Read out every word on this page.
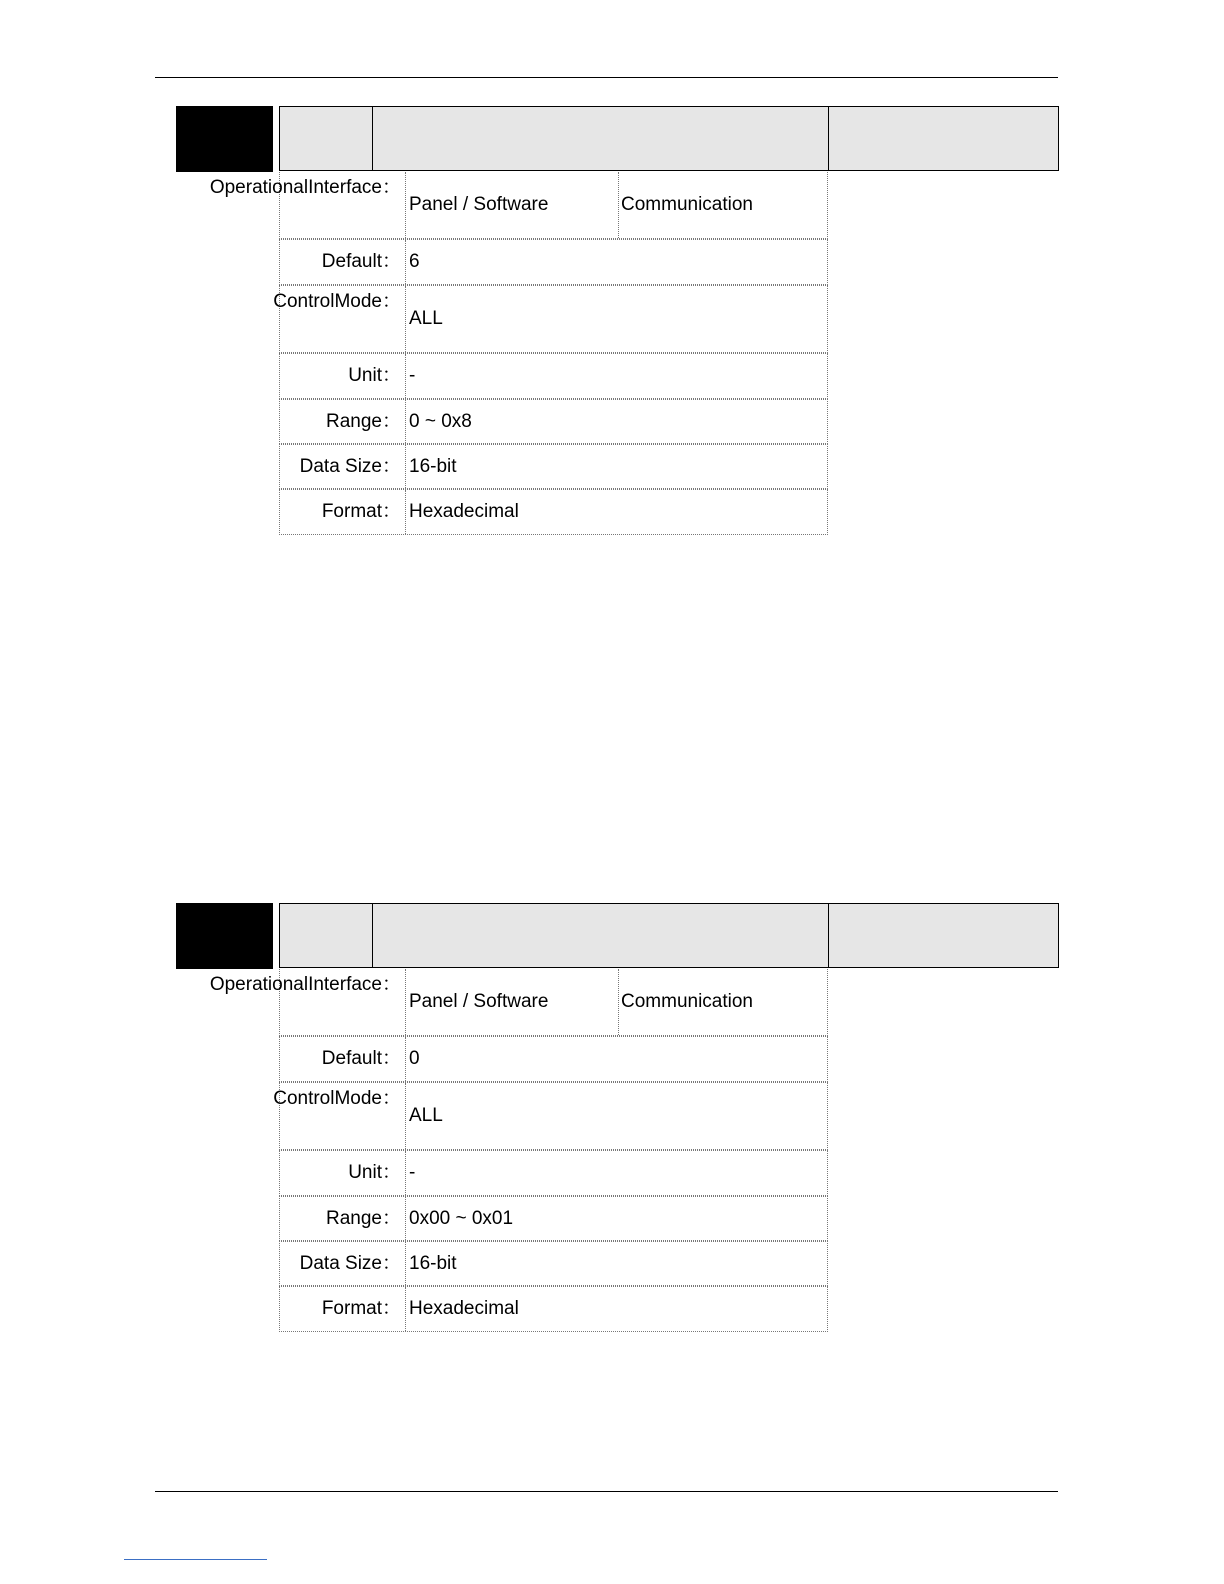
Operational Interface：
Panel / Software	Communication
Default： 6
Control Mode：
ALL
Unit： -
Range： 0 ~ 0x8
Data Size： 16-bit
Format： Hexadecimal
Operational Interface：
Panel / Software	Communication
Default： 0
Control Mode：
ALL
Unit： -
Range： 0x00 ~ 0x01
Data Size： 16-bit
Format： Hexadecimal
